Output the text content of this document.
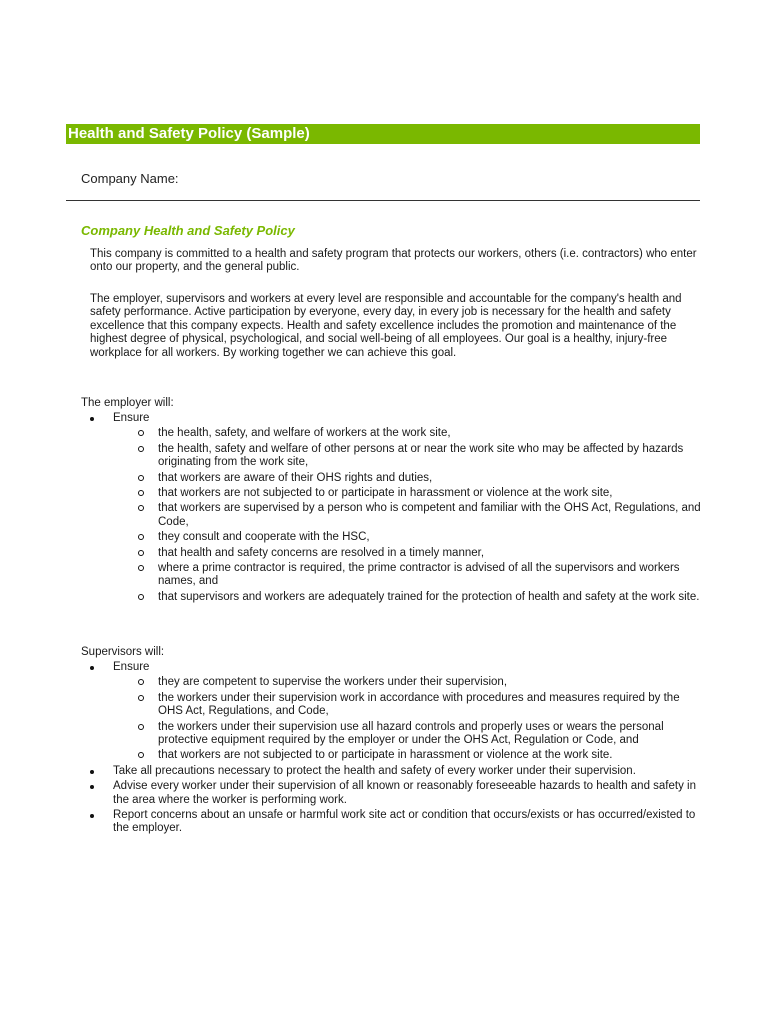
Health and Safety Policy (Sample)
Company Name:
Company Health and Safety Policy
This company is committed to a health and safety program that protects our workers, others (i.e. contractors) who enter onto our property, and the general public.
The employer, supervisors and workers at every level are responsible and accountable for the company's health and safety performance. Active participation by everyone, every day, in every job is necessary for the health and safety excellence that this company expects. Health and safety excellence includes the promotion and maintenance of the highest degree of physical, psychological, and social well-being of all employees. Our goal is a healthy, injury-free workplace for all workers. By working together we can achieve this goal.
The employer will:
Ensure
the health, safety, and welfare of workers at the work site,
the health, safety and welfare of other persons at or near the work site who may be affected by hazards originating from the work site,
that workers are aware of their OHS rights and duties,
that workers are not subjected to or participate in harassment or violence at the work site,
that workers are supervised by a person who is competent and familiar with the OHS Act, Regulations, and Code,
they consult and cooperate with the HSC,
that health and safety concerns are resolved in a timely manner,
where a prime contractor is required, the prime contractor is advised of all the supervisors and workers names, and
that supervisors and workers are adequately trained for the protection of health and safety at the work site.
Supervisors will:
Ensure
they are competent to supervise the workers under their supervision,
the workers under their supervision work in accordance with procedures and measures required by the OHS Act, Regulations, and Code,
the workers under their supervision use all hazard controls and properly uses or wears the personal protective equipment required by the employer or under the OHS Act, Regulation or Code, and
that workers are not subjected to or participate in harassment or violence at the work site.
Take all precautions necessary to protect the health and safety of every worker under their supervision.
Advise every worker under their supervision of all known or reasonably foreseeable hazards to health and safety in the area where the worker is performing work.
Report concerns about an unsafe or harmful work site act or condition that occurs/exists or has occurred/existed to the employer.
